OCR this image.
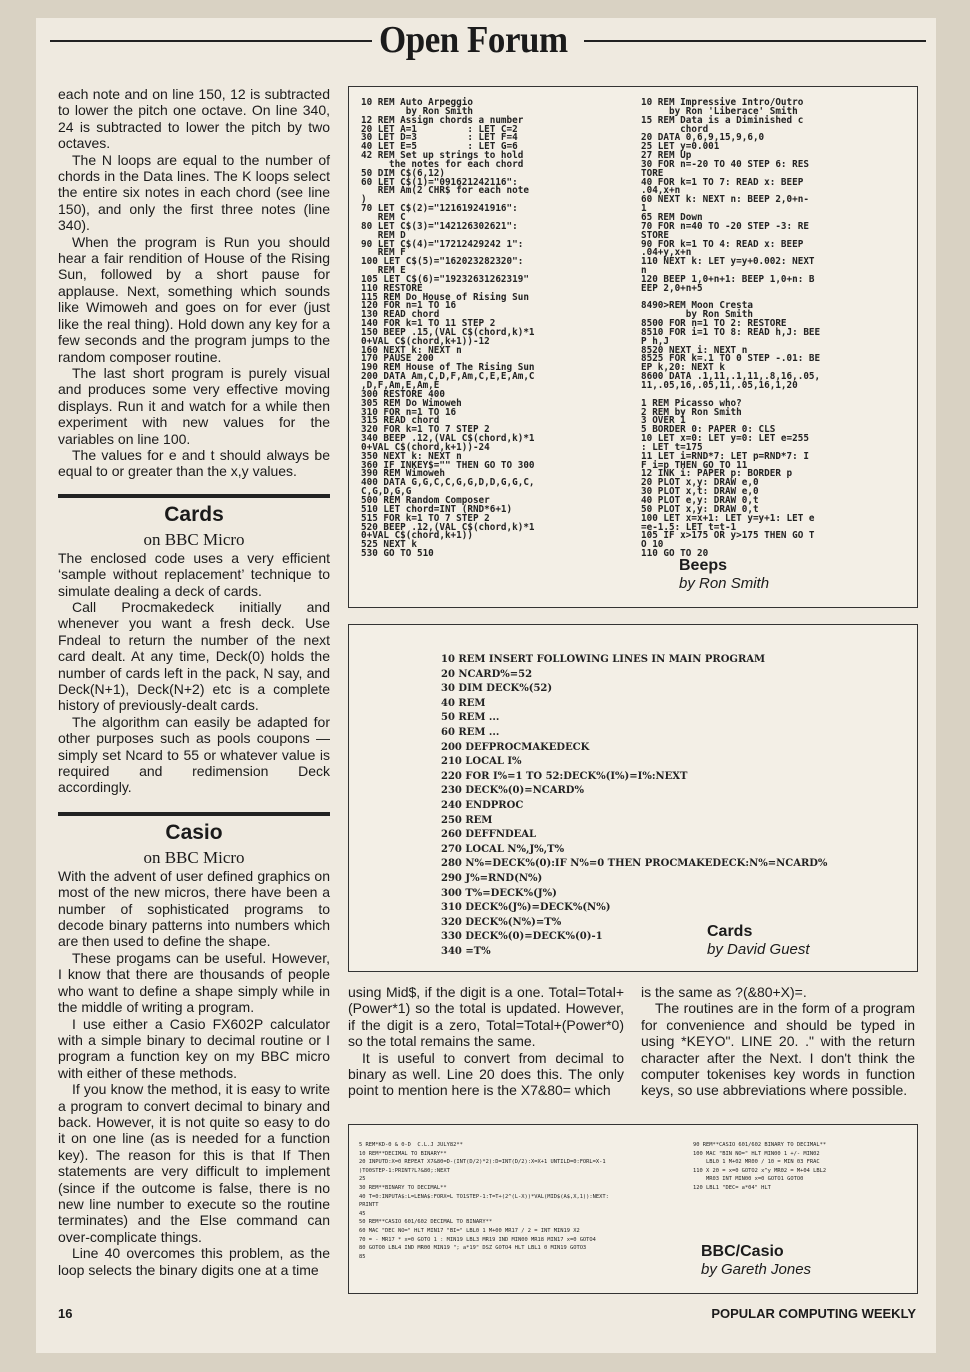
Open Forum

each note and on line 150, 12 is subtracted to lower the pitch one octave. On line 340, 24 is subtracted to lower the pitch by two octaves.

The N loops are equal to the number of chords in the Data lines. The K loops select the entire six notes in each chord (see line 150), and only the first three notes (line 340).

When the program is Run you should hear a fair rendition of House of the Rising Sun, followed by a short pause for applause. Next, something which sounds like Wimoweh and goes on for ever (just like the real thing). Hold down any key for a few seconds and the program jumps to the random composer routine.

The last short program is purely visual and produces some very effective moving displays. Run it and watch for a while then experiment with new values for the variables on line 100.

The values for e and t should always be equal to or greater than the x,y values.

Cards
on BBC Micro

The enclosed code uses a very efficient ‘sample without replacement’ technique to simulate dealing a deck of cards.

Call Procmakedeck initially and whenever you want a fresh deck. Use Fndeal to return the number of the next card dealt. At any time, Deck(0) holds the number of cards left in the pack, N say, and Deck(N+1), Deck(N+2) etc is a complete history of previously-dealt cards.

The algorithm can easily be adapted for other purposes such as pools coupons — simply set Ncard to 55 or whatever value is required and redimension Deck accordingly.

Casio
on BBC Micro

With the advent of user defined graphics on most of the new micros, there have been a number of sophisticated programs to decode binary patterns into numbers which are then used to define the shape.

These progams can be useful. However, I know that there are thousands of people who want to define a shape simply while in the middle of writing a program.

I use either a Casio FX602P calculator with a simple binary to decimal routine or I program a function key on my BBC micro with either of these methods.

If you know the method, it is easy to write a program to convert decimal to binary and back. However, it is not quite so easy to do it on one line (as is needed for a function key). The reason for this is that If Then statements are very difficult to implement (since if the outcome is false, there is no new line number to execute so the routine terminates) and the Else command can over-complicate things.

Line 40 overcomes this problem, as the loop selects the binary digits one at a time

10 REM Auto Arpeggio
by Ron Smith
12 REM Assign chords a number
20 LET A=1         : LET C=2
30 LET D=3         : LET F=4
40 LET E=5         : LET G=6
42 REM Set up strings to hold
the notes for each chord
50 DIM C$(6,12)
60 LET C$(1)="091621242116":
REM Am(2 CHR$ for each note
)
70 LET C$(2)="121619241916":
REM C
80 LET C$(3)="142126302621":
REM D
90 LET C$(4)="17212429242 1":
REM F
100 LET C$(5)="162023282320":
REM E
105 LET C$(6)="19232631262319"
110 RESTORE
115 REM Do House of Rising Sun
120 FOR n=1 TO 16
130 READ chord
140 FOR k=1 TO 11 STEP 2
150 BEEP .15,(VAL C$(chord,k)*1
0+VAL C$(chord,k+1))-12
160 NEXT k: NEXT n
170 PAUSE 200
190 REM House of The Rising Sun
200 DATA Am,C,D,F,Am,C,E,E,Am,C
,D,F,Am,E,Am,E
300 RESTORE 400
305 REM Do Wimoweh
310 FOR n=1 TO 16
315 READ chord
320 FOR k=1 TO 7 STEP 2
340 BEEP .12,(VAL C$(chord,k)*1
0+VAL C$(chord,k+1))-24
350 NEXT k: NEXT n
360 IF INKEY$="" THEN GO TO 300
390 REM Wimoweh
400 DATA G,G,C,C,G,G,D,D,G,G,C,
C,G,D,G,G
500 REM Random Composer
510 LET chord=INT (RND*6+1)
515 FOR k=1 TO 7 STEP 2
520 BEEP .12,(VAL C$(chord,k)*1
0+VAL C$(chord,k+1))
525 NEXT k
530 GO TO 510
10 REM Impressive Intro/Outro
by Ron 'Liberace' Smith
15 REM Data is a Diminished c
chord
20 DATA 0,6,9,15,9,6,0
25 LET y=0.001
27 REM Up
30 FOR n=-20 TO 40 STEP 6: RES
TORE
40 FOR k=1 TO 7: READ x: BEEP
.04,x+n
60 NEXT k: NEXT n: BEEP 2,0+n-
1
65 REM Down
70 FOR n=40 TO -20 STEP -3: RE
STORE
90 FOR k=1 TO 4: READ x: BEEP
.04+y,x+n
110 NEXT k: LET y=y+0.002: NEXT
n
120 BEEP 1,0+n+1: BEEP 1,0+n: B
EEP 2,0+n+5

8490>REM Moon Cresta
by Ron Smith
8500 FOR n=1 TO 2: RESTORE
8510 FOR i=1 TO 8: READ h,J: BEE
P h,J
8520 NEXT i: NEXT n
8525 FOR k=.1 TO 0 STEP -.01: BE
EP k,20: NEXT k
8600 DATA .1,11,.1,11,.8,16,.05,
11,.05,16,.05,11,.05,16,1,20

1 REM Picasso who?
2 REM by Ron Smith
3 OVER 1
5 BORDER 0: PAPER 0: CLS
10 LET x=0: LET y=0: LET e=255
: LET t=175
11 LET i=RND*7: LET p=RND*7: I
F i=p THEN GO TO 11
12 INK i: PAPER p: BORDER p
20 PLOT x,y: DRAW e,0
30 PLOT x,t: DRAW e,0
40 PLOT e,y: DRAW 0,t
50 PLOT x,y: DRAW 0,t
100 LET x=x+1: LET y=y+1: LET e
=e-1.5: LET t=t-1
105 IF x>175 OR y>175 THEN GO T
O 10
110 GO TO 20
Beeps
by Ron Smith
10 REM INSERT FOLLOWING LINES IN MAIN PROGRAM
20 NCARD%=52
30 DIM DECK%(52)
40 REM
50 REM ...
60 REM ...
200 DEFPROCMAKEDECK
210 LOCAL I%
220 FOR I%=1 TO 52:DECK%(I%)=I%:NEXT
230 DECK%(0)=NCARD%
240 ENDPROC
250 REM
260 DEFFNDEAL
270 LOCAL N%,J%,T%
280 N%=DECK%(0):IF N%=0 THEN PROCMAKEDECK:N%=NCARD%
290 J%=RND(N%)
300 T%=DECK%(J%)
310 DECK%(J%)=DECK%(N%)
320 DECK%(N%)=T%
330 DECK%(0)=DECK%(0)-1
340 =T%
Cards
by David Guest

using Mid$, if the digit is a one. Total=Total+(Power*1) so the total is updated. However, if the digit is a zero, Total=Total+(Power*0) so the total remains the same.

It is useful to convert from decimal to binary as well. Line 20 does this. The only point to mention here is the X7&80= which

is the same as ?(&80+X)=.

The routines are in the form of a program for convenience and should be typed in using *KEYO". LINE 20. ." with the return character after the Next. I don't think the computer tokenises key words in function keys, so use abbreviations where possible.

5 REM*KD-0 & 0-D  C.L.J JULY82**
10 REM**DECIMAL TO BINARY**
20 INPUTD:X=0 REPEAT X7&80=D-(INT(D/2)*2):D=INT(D/2):X=X+1 UNTILD=0:FORL=X-1
)TO0STEP-1:PRINT?L?&80;:NEXT
25
30 REM**BINARY TO DECIMAL**
40 T=0:INPUTA$:L=LENA$:FORX=L TO1STEP-1:T=T+(2^(L-X))*VAL(MID$(A$,X,1)):NEXT:
PRINTT
45
50 REM**CASIO 601/602 DECIMAL TO BINARY**
60 MAC "DEC NO=" HLT MIN17 "BI=" LBL0 1 M+00 MR17 / 2 = INT MIN19 X2
70 = - MR17 * x=0 GOTO 1 : MIN19 LBL3 MR19 IND MIN00 MR18 MIN17 x=0 GOTO4
80 GOTO0 LBL4 IND MR00 MIN19 "; a*19" DSZ GOTO4 HLT LBL1 0 MIN19 GOTO3
85
90 REM**CASIO 601/602 BINARY TO DECIMAL**
100 MAC "BIN NO=" HLT MIN00 1 +/- MIN02
LBL0 1 M+02 MR00 / 10 = MIN 03 FRAC
110 X 20 = x=0 GOTO2 x^y MR02 = M+04 LBL2
MR03 INT MIN00 x=0 GOTO1 GOTO0
120 LBL1 "DEC= a*04" HLT
BBC/Casio
by Gareth Jones
16	POPULAR COMPUTING WEEKLY
